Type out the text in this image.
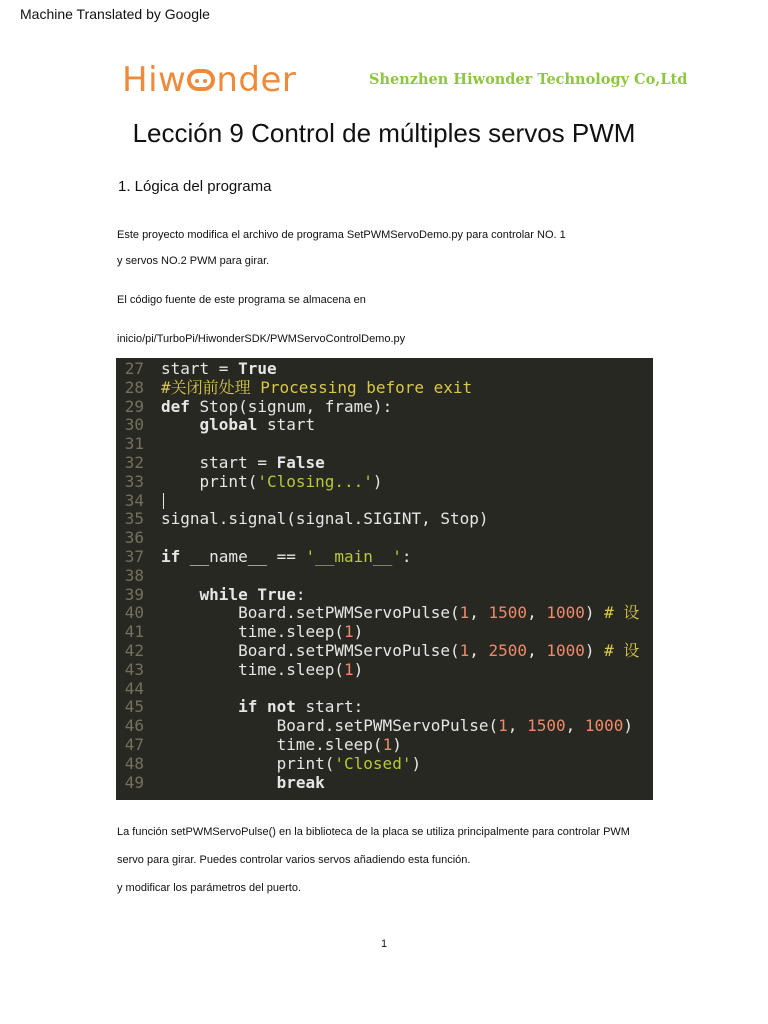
Machine Translated by Google
Hiw nder	Shenzhen Hiwonder Technology Co,Ltd
Lección 9 Control de múltiples servos PWM
1. Lógica del programa
Este proyecto modifica el archivo de programa SetPWMServoDemo.py para controlar NO. 1
y servos NO.2 PWM para girar.
El código fuente de este programa se almacena en
inicio/pi/TurboPi/HiwonderSDK/PWMServoControlDemo.py
27	start = True
28	#关闭前处理 Processing before exit
29	def Stop(signum, frame):
30	global start
31
32	start = False
33	print('Closing...')
34
35	signal.signal(signal.SIGINT, Stop)
36
37	if __name__ == '__main__':
38
39	while True:
40	Board.setPWMServoPulse(1, 1500, 1000) # 设
41	time.sleep(1)
42	Board.setPWMServoPulse(1, 2500, 1000) # 设
43	time.sleep(1)
44
45	if not start:
46	Board.setPWMServoPulse(1, 1500, 1000)
47	time.sleep(1)
48	print('Closed')
49	break
La función setPWMServoPulse() en la biblioteca de la placa se utiliza principalmente para controlar PWM
servo para girar. Puedes controlar varios servos añadiendo esta función.
y modificar los parámetros del puerto.
1
